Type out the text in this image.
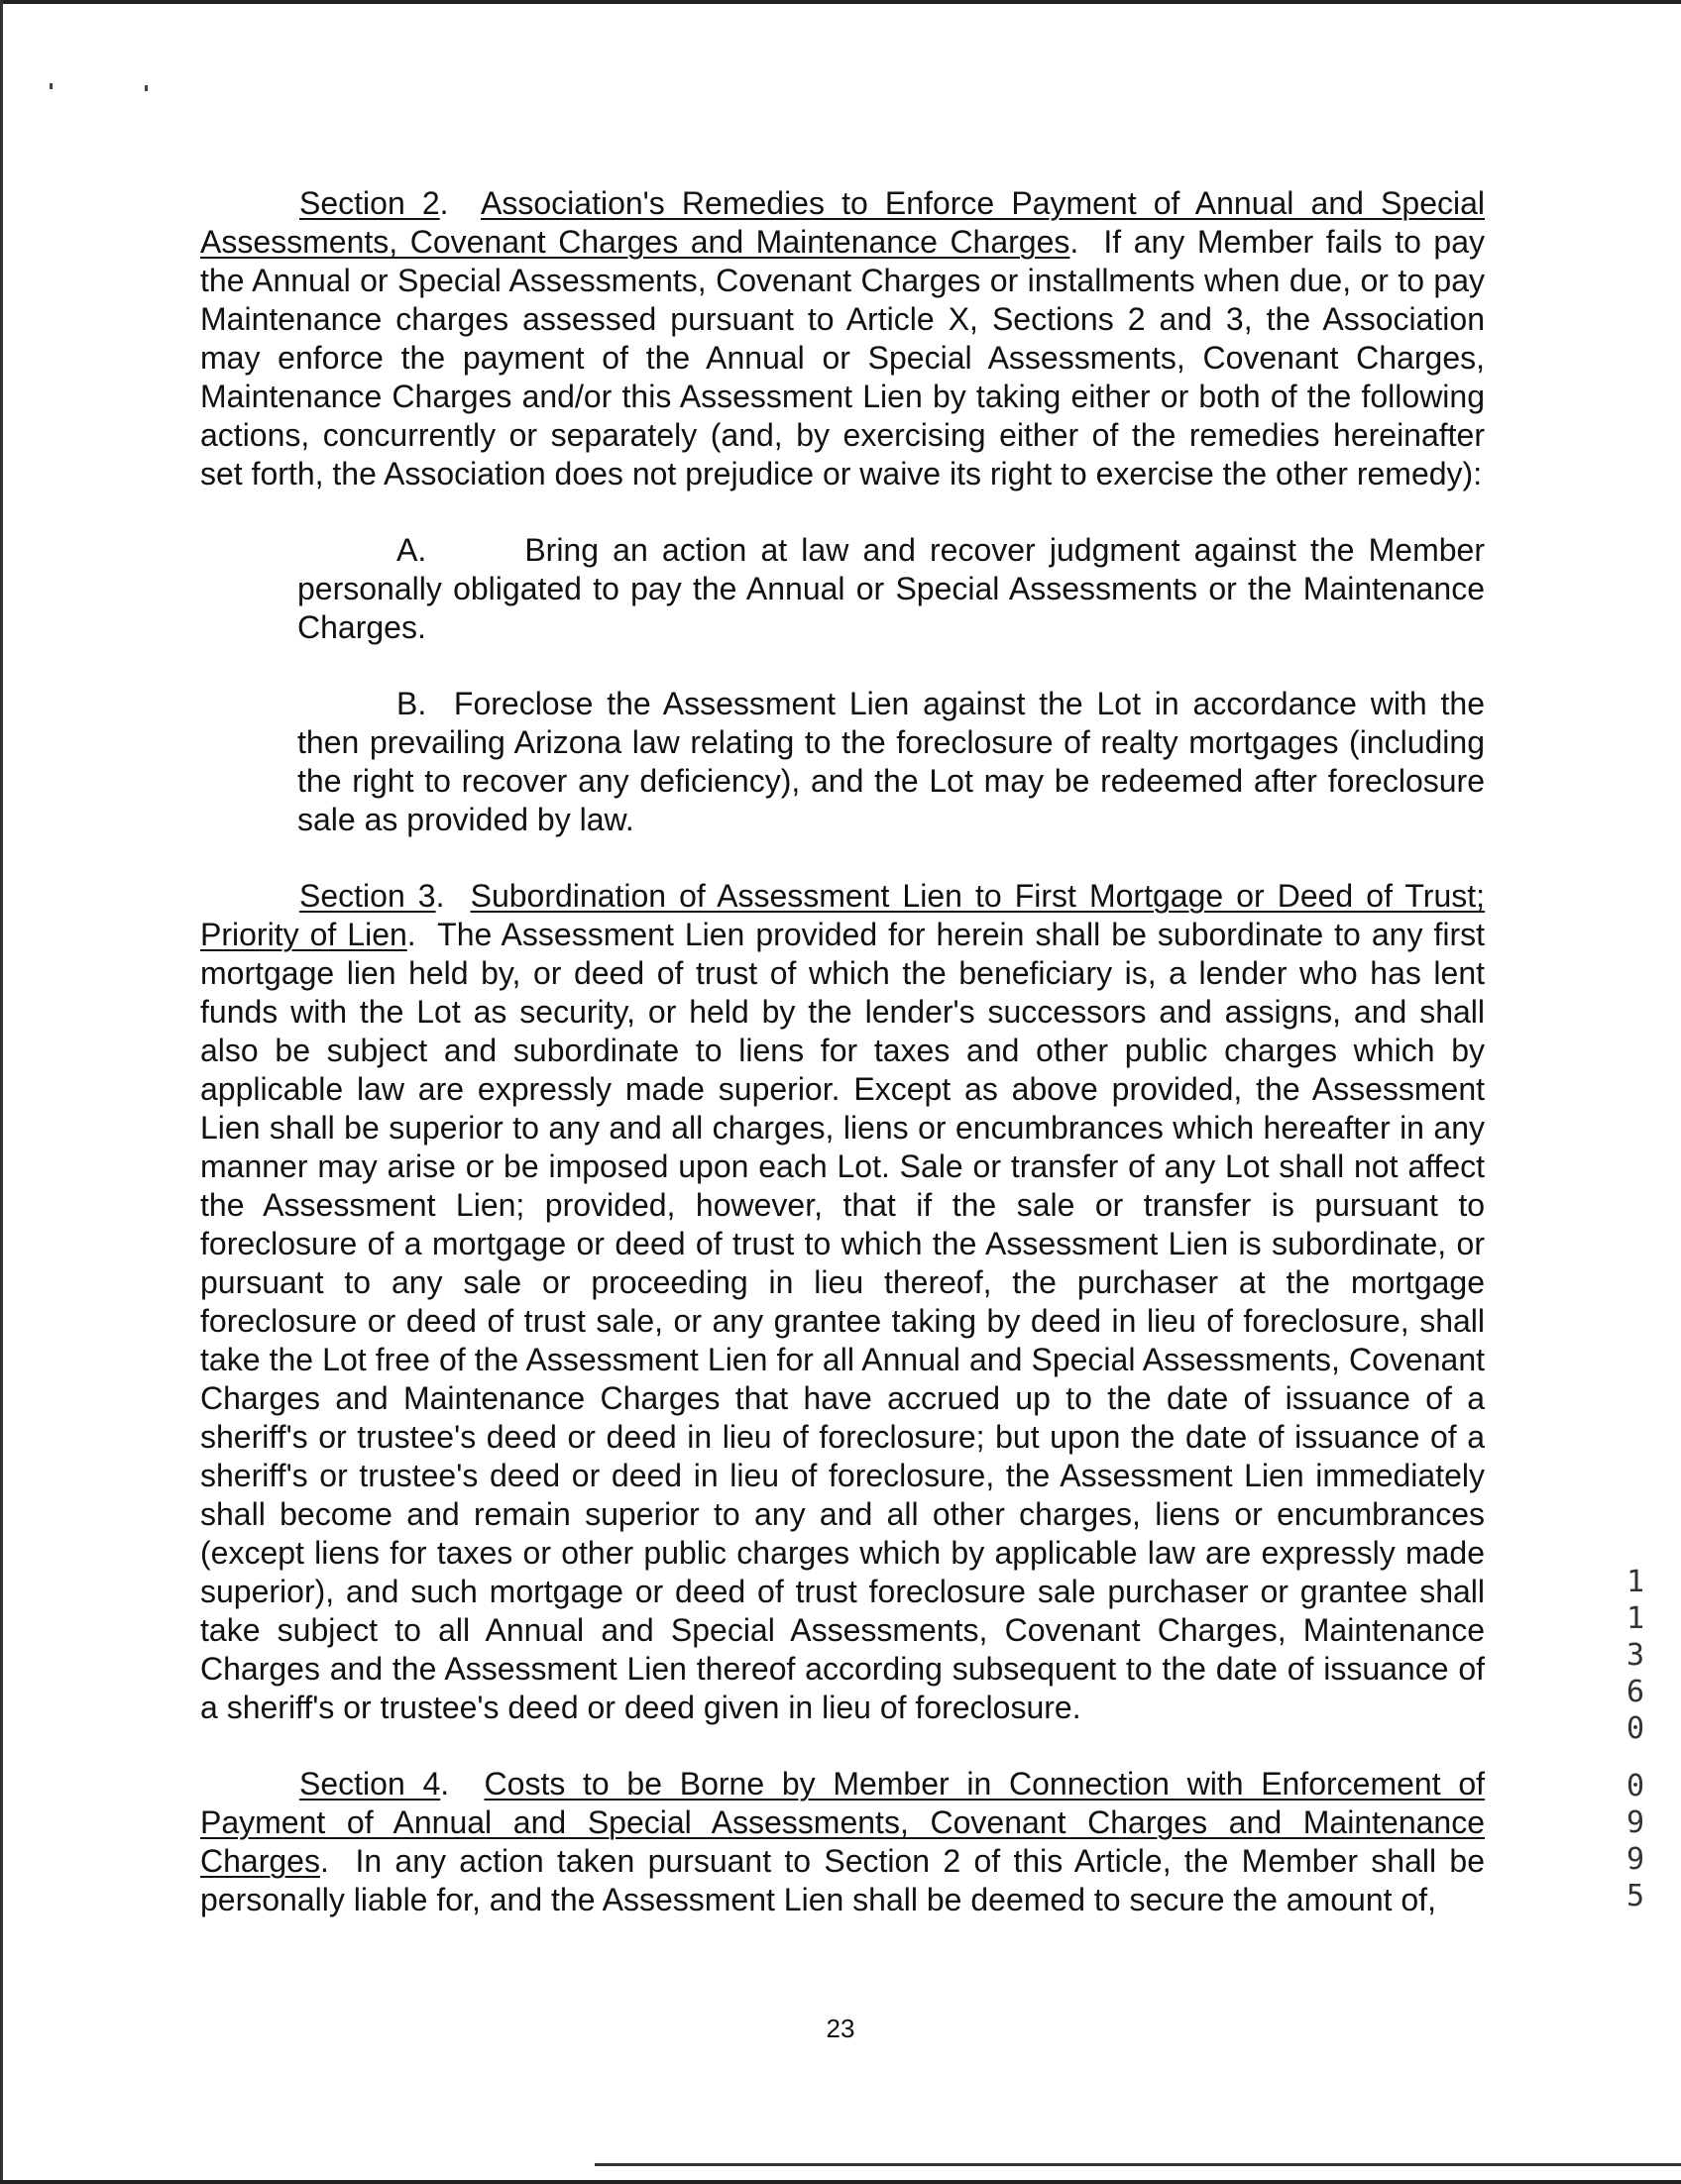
Section 2.  Association's Remedies to Enforce Payment of Annual and Special Assessments, Covenant Charges and Maintenance Charges.  If any Member fails to pay the Annual or Special Assessments, Covenant Charges or installments when due, or to pay Maintenance charges assessed pursuant to Article X, Sections 2 and 3, the Association may enforce the payment of the Annual or Special Assessments, Covenant Charges, Maintenance Charges and/or this Assessment Lien by taking either or both of the following actions, concurrently or separately (and, by exercising either of the remedies hereinafter set forth, the Association does not prejudice or waive its right to exercise the other remedy):

A.	Bring an action at law and recover judgment against the Member personally obligated to pay the Annual or Special Assessments or the Maintenance Charges.

B. Foreclose the Assessment Lien against the Lot in accordance with the then prevailing Arizona law relating to the foreclosure of realty mortgages (including the right to recover any deficiency), and the Lot may be redeemed after foreclosure sale as provided by law.

Section 3.  Subordination of Assessment Lien to First Mortgage or Deed of Trust; Priority of Lien.  The Assessment Lien provided for herein shall be subordinate to any first mortgage lien held by, or deed of trust of which the beneficiary is, a lender who has lent funds with the Lot as security, or held by the lender's successors and assigns, and shall also be subject and subordinate to liens for taxes and other public charges which by applicable law are expressly made superior. Except as above provided, the Assessment Lien shall be superior to any and all charges, liens or encumbrances which hereafter in any manner may arise or be imposed upon each Lot. Sale or transfer of any Lot shall not affect the Assessment Lien; provided, however, that if the sale or transfer is pursuant to foreclosure of a mortgage or deed of trust to which the Assessment Lien is subordinate, or pursuant to any sale or proceeding in lieu thereof, the purchaser at the mortgage foreclosure or deed of trust sale, or any grantee taking by deed in lieu of foreclosure, shall take the Lot free of the Assessment Lien for all Annual and Special Assessments, Covenant Charges and Maintenance Charges that have accrued up to the date of issuance of a sheriff's or trustee's deed or deed in lieu of foreclosure; but upon the date of issuance of a sheriff's or trustee's deed or deed in lieu of foreclosure, the Assessment Lien immediately shall become and remain superior to any and all other charges, liens or encumbrances (except liens for taxes or other public charges which by applicable law are expressly made superior), and such mortgage or deed of trust foreclosure sale purchaser or grantee shall take subject to all Annual and Special Assessments, Covenant Charges, Maintenance Charges and the Assessment Lien thereof according subsequent to the date of issuance of a sheriff's or trustee's deed or deed given in lieu of foreclosure.

Section 4.  Costs to be Borne by Member in Connection with Enforcement of Payment of Annual and Special Assessments, Covenant Charges and Maintenance Charges.  In any action taken pursuant to Section 2 of this Article, the Member shall be personally liable for, and the Assessment Lien shall be deemed to secure the amount of,

23
1
1
3
6
0
0
9
9
5
